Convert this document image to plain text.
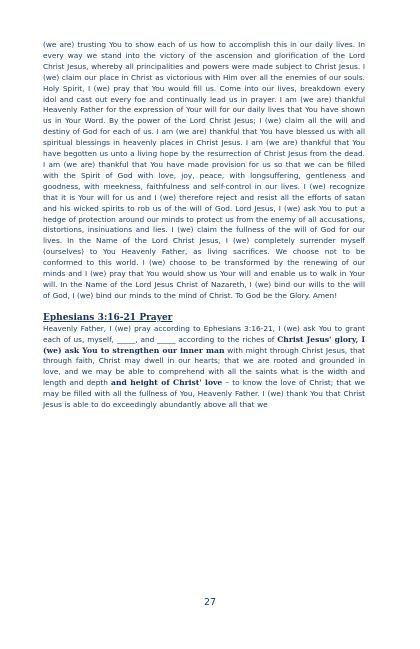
(we are) trusting You to show each of us how to accomplish this in our daily lives. In every way we stand into the victory of the ascension and glorification of the Lord Christ Jesus, whereby all principalities and powers were made subject to Christ Jesus. I (we) claim our place in Christ as victorious with Him over all the enemies of our souls. Holy Spirit, I (we) pray that You would fill us. Come into our lives, breakdown every idol and cast out every foe and continually lead us in prayer. I am (we are) thankful Heavenly Father for the expression of Your will for our daily lives that You have shown us in Your Word. By the power of the Lord Christ Jesus; I (we) claim all the will and destiny of God for each of us. I am (we are) thankful that You have blessed us with all spiritual blessings in heavenly places in Christ Jesus. I am (we are) thankful that You have begotten us unto a living hope by the resurrection of Christ Jesus from the dead. I am (we are) thankful that You have made provision for us so that we can be filled with the Spirit of God with love, joy, peace, with longsuffering, gentleness and goodness, with meekness, faithfulness and self-control in our lives. I (we) recognize that it is Your will for us and I (we) therefore reject and resist all the efforts of satan and his wicked spirits to rob us of the will of God. Lord Jesus, I (we) ask You to put a hedge of protection around our minds to protect us from the enemy of all accusations, distortions, insinuations and lies. I (we) claim the fullness of the will of God for our lives. In the Name of the Lord Christ Jesus, I (we) completely surrender myself (ourselves) to You Heavenly Father, as living sacrifices. We choose not to be conformed to this world. I (we) choose to be transformed by the renewing of our minds and I (we) pray that You would show us Your will and enable us to walk in Your will. In the Name of the Lord Jesus Christ of Nazareth, I (we) bind our wills to the will of God, I (we) bind our minds to the mind of Christ. To God be the Glory. Amen!

Ephesians 3:16-21 Prayer

Heavenly Father, I (we) pray according to Ephesians 3:16-21, I (we) ask You to grant each of us, myself, _____, and _____ according to the riches of Christ Jesus' glory, I (we) ask You to strengthen our inner man with might through Christ Jesus, that through faith, Christ may dwell in our hearts; that we are rooted and grounded in love, and we may be able to comprehend with all the saints what is the width and length and depth and height of Christ' love – to know the love of Christ; that we may be filled with all the fullness of You, Heavenly Father. I (we) thank You that Christ Jesus is able to do exceedingly abundantly above all that we

27
